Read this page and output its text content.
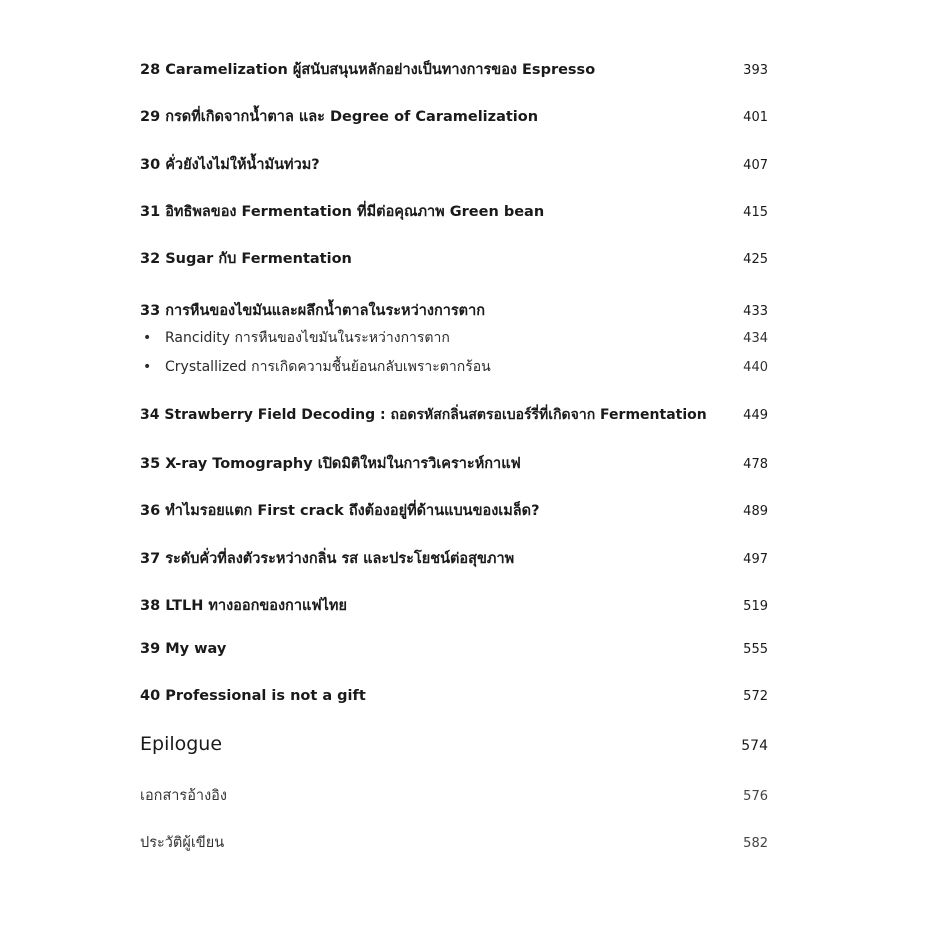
28 Caramelization ผู้สนับสนุนหลักอย่างเป็นทางการของ Espresso	393
29 กรดที่เกิดจากน้ำตาล และ Degree of Caramelization	401
30 คั่วยังไงไม่ให้น้ำมันท่วม?	407
31 อิทธิพลของ Fermentation ที่มีต่อคุณภาพ Green bean	415
32 Sugar กับ Fermentation	425
33 การหืนของไขมันและผลึกน้ำตาลในระหว่างการตาก	433
• Rancidity การหืนของไขมันในระหว่างการตาก	434
• Crystallized การเกิดความชื้นย้อนกลับเพราะตากร้อน	440
34 Strawberry Field Decoding : ถอดรหัสกลิ่นสตรอเบอร์รี่ที่เกิดจาก Fermentation	449
35 X-ray Tomography เปิดมิติใหม่ในการวิเคราะห์กาแฟ	478
36 ทำไมรอยแตก First crack ถึงต้องอยู่ที่ด้านแบนของเมล็ด?	489
37 ระดับคั่วที่ลงตัวระหว่างกลิ่น รส และประโยชน์ต่อสุขภาพ	497
38 LTLH ทางออกของกาแฟไทย	519
39 My way	555
40 Professional is not a gift	572
Epilogue	574
เอกสารอ้างอิง	576
ประวัติผู้เขียน	582
